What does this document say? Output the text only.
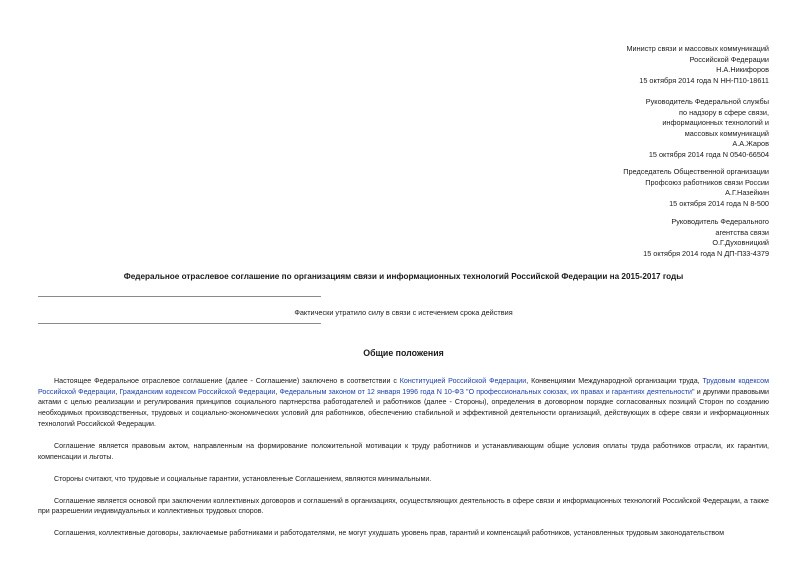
Министр связи и массовых коммуникаций
Российской Федерации
Н.А.Никифоров
15 октября 2014 года N НН-П10-18611
Руководитель Федеральной службы
по надзору в сфере связи,
информационных технологий и
массовых коммуникаций
А.А.Жаров
15 октября 2014 года N 0540-66504
Председатель Общественной организации
Профсоюз работников связи России
А.Г.Назейкин
15 октября 2014 года N 8-500
Руководитель Федерального
агентства связи
О.Г.Духовницкий
15 октября 2014 года N ДП-П33-4379
Федеральное отраслевое соглашение по организациям связи и информационных технологий Российской Федерации на 2015-2017 годы
Фактически утратило силу в связи с истечением срока действия
Общие положения

Настоящее Федеральное отраслевое соглашение (далее - Соглашение) заключено в соответствии с Конституцией Российской Федерации, Конвенциями Международной организации труда, Трудовым кодексом Российской Федерации, Гражданским кодексом Российской Федерации, Федеральным законом от 12 января 1996 года N 10-ФЗ "О профессиональных союзах, их правах и гарантиях деятельности" и другими правовыми актами с целью реализации и регулирования принципов социального партнерства работодателей и работников (далее - Стороны), определения в договорном порядке согласованных позиций Сторон по созданию необходимых производственных, трудовых и социально-экономических условий для работников, обеспечению стабильной и эффективной деятельности организаций, действующих в сфере связи и информационных технологий Российской Федерации.

Соглашение является правовым актом, направленным на формирование положительной мотивации к труду работников и устанавливающим общие условия оплаты труда работников отрасли, их гарантии, компенсации и льготы.

Стороны считают, что трудовые и социальные гарантии, установленные Соглашением, являются минимальными.

Соглашение является основой при заключении коллективных договоров и соглашений в организациях, осуществляющих деятельность в сфере связи и информационных технологий Российской Федерации, а также при разрешении индивидуальных и коллективных трудовых споров.

Соглашения, коллективные договоры, заключаемые работниками и работодателями, не могут ухудшать уровень прав, гарантий и компенсаций работников, установленных трудовым законодательством
